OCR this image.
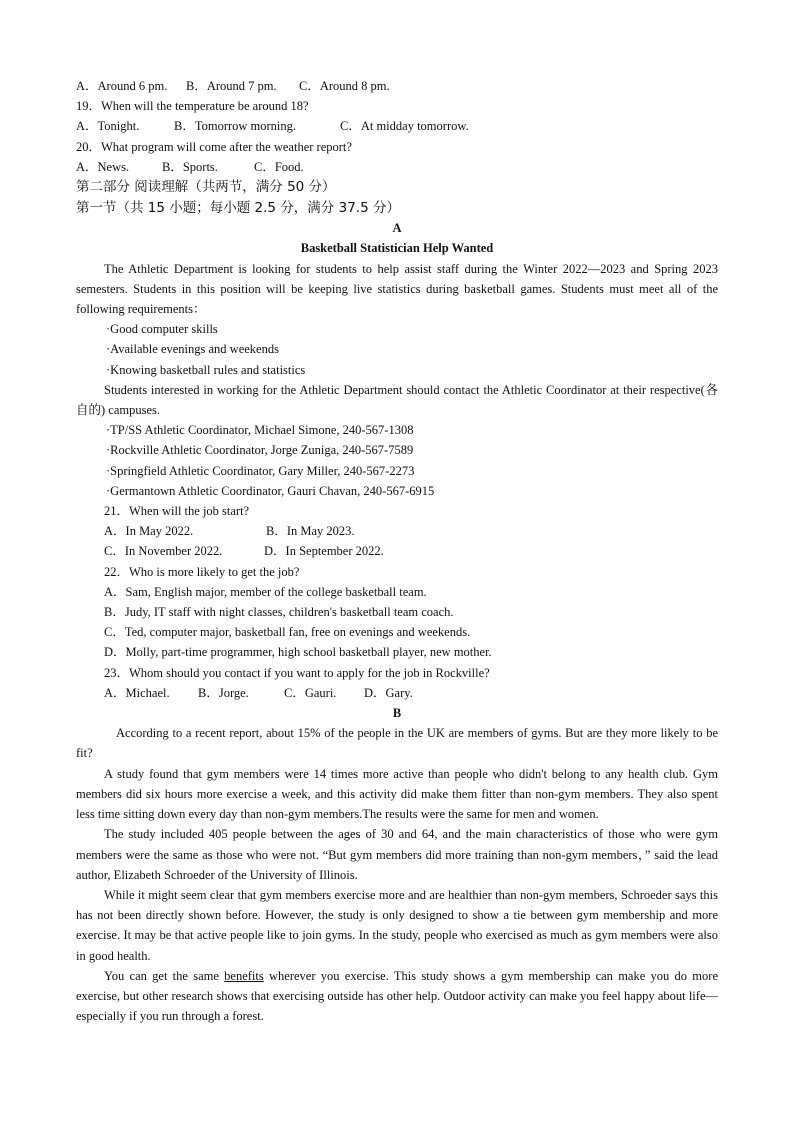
A．Around 6 pm. B．Around 7 pm. C．Around 8 pm.
19．When will the temperature be around 18?
A．Tonight.	B．Tomorrow morning.	C．At midday tomorrow.
20．What program will come after the weather report?
A．News.	B．Sports.	C．Food.
第二部分 阅读理解（共两节，满分 50 分）
第一节（共 15 小题；每小题 2.5 分，满分 37.5 分）
A
Basketball Statistician Help Wanted
The Athletic Department is looking for students to help assist staff during the Winter 2022—2023 and Spring 2023 semesters. Students in this position will be keeping live statistics during basketball games. Students must meet all of the following requirements：
·Good computer skills
·Available evenings and weekends
·Knowing basketball rules and statistics
Students interested in working for the Athletic Department should contact the Athletic Coordinator at their respective(各自的) campuses.
·TP/SS Athletic Coordinator, Michael Simone, 240-567-1308
·Rockville Athletic Coordinator, Jorge Zuniga, 240-567-7589
·Springfield Athletic Coordinator, Gary Miller, 240-567-2273
·Germantown Athletic Coordinator, Gauri Chavan, 240-567-6915
21．When will the job start?
A．In May 2022.	B．In May 2023.
C．In November 2022.	D．In September 2022.
22．Who is more likely to get the job?
A．Sam, English major, member of the college basketball team.
B．Judy, IT staff with night classes, children's basketball team coach.
C．Ted, computer major, basketball fan, free on evenings and weekends.
D．Molly, part-time programmer, high school basketball player, new mother.
23．Whom should you contact if you want to apply for the job in Rockville?
A．Michael. B．Jorge.	C．Gauri. D．Gary.
B
According to a recent report, about 15% of the people in the UK are members of gyms. But are they more likely to be fit?
A study found that gym members were 14 times more active than people who didn't belong to any health club. Gym members did six hours more exercise a week, and this activity did make them fitter than non-gym members. They also spent less time sitting down every day than non-gym members.The results were the same for men and women.
The study included 405 people between the ages of 30 and 64, and the main characteristics of those who were gym members were the same as those who were not. “But gym members did more training than non-gym members，” said the lead author, Elizabeth Schroeder of the University of Illinois.
While it might seem clear that gym members exercise more and are healthier than non-gym members, Schroeder says this has not been directly shown before. However, the study is only designed to show a tie between gym membership and more exercise. It may be that active people like to join gyms. In the study, people who exercised as much as gym members were also in good health.
You can get the same benefits wherever you exercise. This study shows a gym membership can make you do more exercise, but other research shows that exercising outside has other help. Outdoor activity can make you feel happy about life—especially if you run through a forest.
